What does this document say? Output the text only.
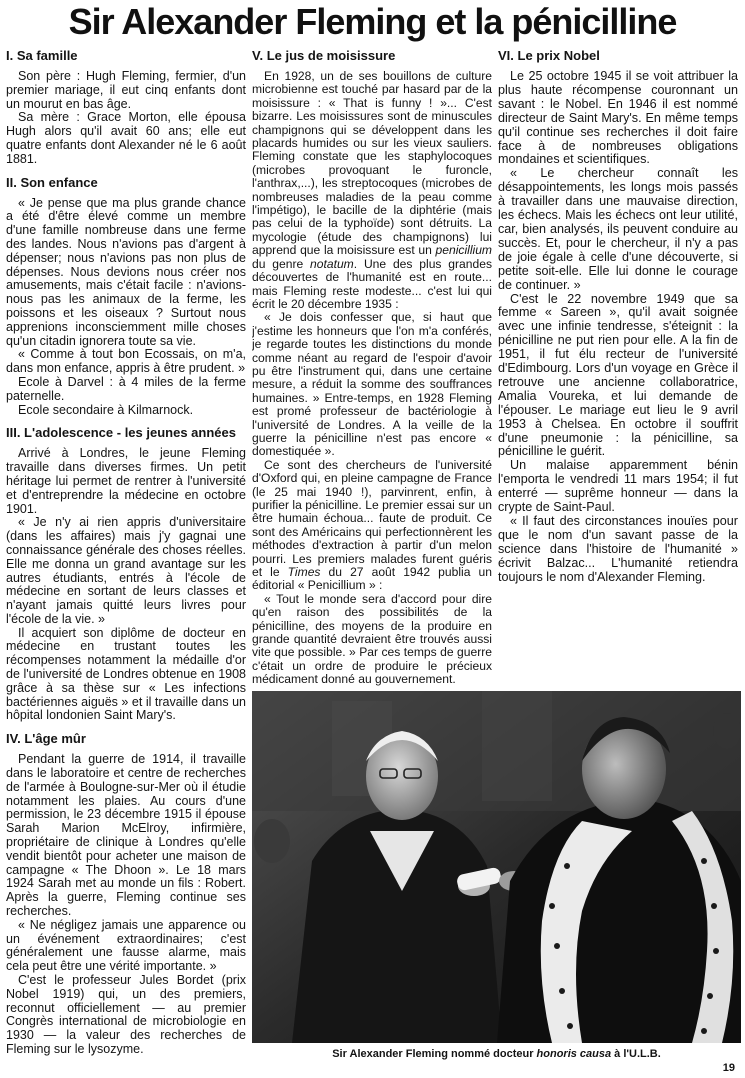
Sir Alexander Fleming et la pénicilline
I. Sa famille

Son père : Hugh Fleming, fermier, d'un premier mariage, il eut cinq enfants dont un mourut en bas âge.

Sa mère : Grace Morton, elle épousa Hugh alors qu'il avait 60 ans; elle eut quatre enfants dont Alexander né le 6 août 1881.

II. Son enfance

« Je pense que ma plus grande chance a été d'être élevé comme un membre d'une famille nombreuse dans une ferme des landes. Nous n'avions pas d'argent à dépenser; nous n'avions pas non plus de dépenses. Nous devions nous créer nos amusements, mais c'était facile : n'avions-nous pas les animaux de la ferme, les poissons et les oiseaux ? Surtout nous apprenions inconsciemment mille choses qu'un citadin ignorera toute sa vie.

« Comme à tout bon Ecossais, on m'a, dans mon enfance, appris à être prudent. »

Ecole à Darvel : à 4 miles de la ferme paternelle.

Ecole secondaire à Kilmarnock.

III. L'adolescence - les jeunes années

Arrivé à Londres, le jeune Fleming travaille dans diverses firmes. Un petit héritage lui permet de rentrer à l'université et d'entreprendre la médecine en octobre 1901.

« Je n'y ai rien appris d'universitaire (dans les affaires) mais j'y gagnai une connaissance générale des choses réelles. Elle me donna un grand avantage sur les autres étudiants, entrés à l'école de médecine en sortant de leurs classes et n'ayant jamais quitté leurs livres pour l'école de la vie. »

Il acquiert son diplôme de docteur en médecine en trustant toutes les récompenses notamment la médaille d'or de l'université de Londres obtenue en 1908 grâce à sa thèse sur « Les infections bactériennes aiguës » et il travaille dans un hôpital londonien Saint Mary's.

IV. L'âge mûr

Pendant la guerre de 1914, il travaille dans le laboratoire et centre de recherches de l'armée à Boulogne-sur-Mer où il étudie notamment les plaies. Au cours d'une permission, le 23 décembre 1915 il épouse Sarah Marion McElroy, infirmière, propriétaire de clinique à Londres qu'elle vendit bientôt pour acheter une maison de campagne « The Dhoon ». Le 18 mars 1924 Sarah met au monde un fils : Robert. Après la guerre, Fleming continue ses recherches.

« Ne négligez jamais une apparence ou un événement extraordinaires; c'est généralement une fausse alarme, mais cela peut être une vérité importante. »

C'est le professeur Jules Bordet (prix Nobel 1919) qui, un des premiers, reconnut officiellement — au premier Congrès international de microbiologie en 1930 — la valeur des recherches de Fleming sur le lysozyme.

V. Le jus de moisissure

En 1928, un de ses bouillons de culture microbienne est touché par hasard par de la moisissure : « That is funny ! »... C'est bizarre. Les moisissures sont de minuscules champignons qui se développent dans les placards humides ou sur les vieux sauliers. Fleming constate que les staphylocoques (microbes provoquant le furoncle, l'anthrax,...), les streptocoques (microbes de nombreuses maladies de la peau comme l'impétigo), le bacille de la diphtérie (mais pas celui de la typhoïde) sont détruits. La mycologie (étude des champignons) lui apprend que la moisissure est un penicillium du genre notatum. Une des plus grandes découvertes de l'humanité est en route... mais Fleming reste modeste... c'est lui qui écrit le 20 décembre 1935 :

« Je dois confesser que, si haut que j'estime les honneurs que l'on m'a conférés, je regarde toutes les distinctions du monde comme néant au regard de l'espoir d'avoir pu être l'instrument qui, dans une certaine mesure, a réduit la somme des souffrances humaines. » Entre-temps, en 1928 Fleming est promé professeur de bactériologie à l'université de Londres. A la veille de la guerre la pénicilline n'est pas encore « domestiquée ».

Ce sont des chercheurs de l'université d'Oxford qui, en pleine campagne de France (le 25 mai 1940 !), parvinrent, enfin, à purifier la pénicilline. Le premier essai sur un être humain échoua... faute de produit. Ce sont des Américains qui perfectionnèrent les méthodes d'extraction à partir d'un melon pourri. Les premiers malades furent guéris et le Times du 27 août 1942 publia un éditorial « Penicillium » :

« Tout le monde sera d'accord pour dire qu'en raison des possibilités de la pénicilline, des moyens de la produire en grande quantité devraient être trouvés aussi vite que possible. » Par ces temps de guerre c'était un ordre de produire le précieux médicament donné au gouvernement.

VI. Le prix Nobel

Le 25 octobre 1945 il se voit attribuer la plus haute récompense couronnant un savant : le Nobel. En 1946 il est nommé directeur de Saint Mary's. En même temps qu'il continue ses recherches il doit faire face à de nombreuses obligations mondaines et scientifiques.

« Le chercheur connaît les désappointements, les longs mois passés à travailler dans une mauvaise direction, les échecs. Mais les échecs ont leur utilité, car, bien analysés, ils peuvent conduire au succès. Et, pour le chercheur, il n'y a pas de joie égale à celle d'une découverte, si petite soit-elle. Elle lui donne le courage de continuer. »

C'est le 22 novembre 1949 que sa femme « Sareen », qu'il avait soignée avec une infinie tendresse, s'éteignit : la pénicilline ne put rien pour elle. A la fin de 1951, il fut élu recteur de l'université d'Edimbourg. Lors d'un voyage en Grèce il retrouve une ancienne collaboratrice, Amalia Voureka, et lui demande de l'épouser. Le mariage eut lieu le 9 avril 1953 à Chelsea. En octobre il souffrit d'une pneumonie : la pénicilline, sa pénicilline le guérit.

Un malaise apparemment bénin l'emporta le vendredi 11 mars 1954; il fut enterré — suprême honneur — dans la crypte de Saint-Paul.

« Il faut des circonstances inouïes pour que le nom d'un savant passe de la science dans l'histoire de l'humanité » écrivit Balzac... L'humanité retiendra toujours le nom d'Alexander Fleming.

Sir Alexander Fleming nommé docteur honoris causa à l'U.L.B.
19
